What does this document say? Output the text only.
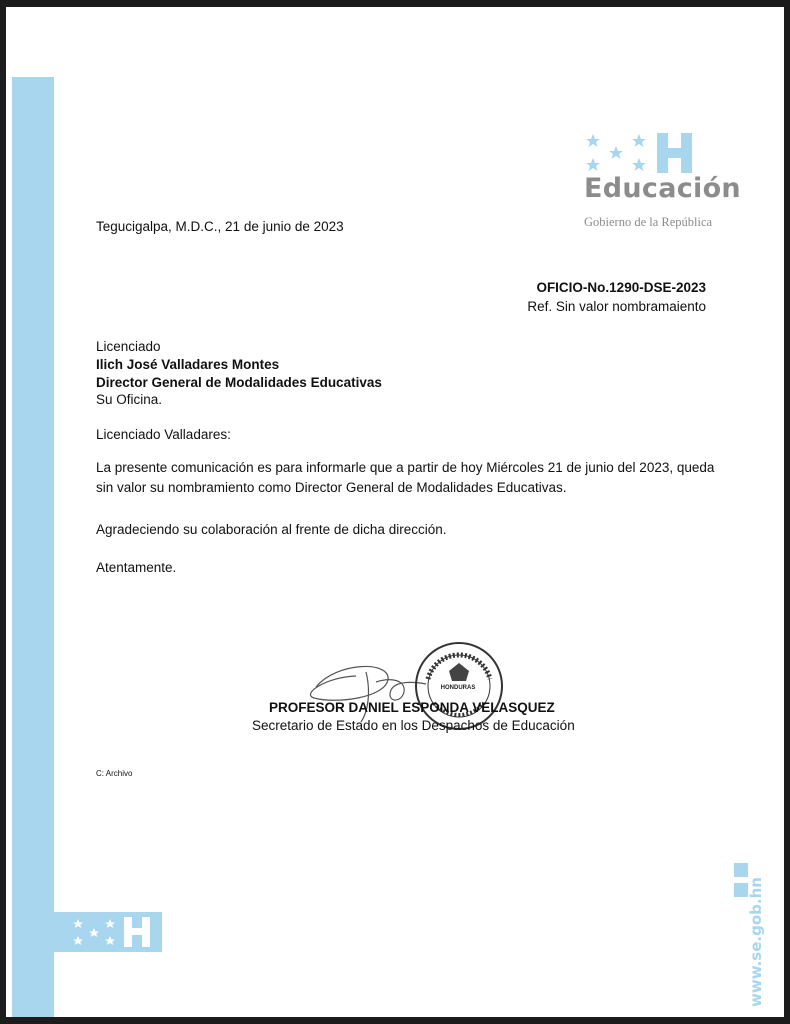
Educación
Gobierno de la República
Tegucigalpa, M.D.C., 21 de junio de 2023
OFICIO-No.1290-DSE-2023
Ref. Sin valor nombramaiento
Licenciado
Ilich José Valladares Montes
Director General de Modalidades Educativas
Su Oficina.
Licenciado Valladares:
La presente comunicación es para informarle que a partir de hoy Miércoles 21 de junio del 2023, queda sin valor su nombramiento como Director General de Modalidades Educativas.
Agradeciendo su colaboración al frente de dicha dirección.
Atentamente.
HONDURAS
PROFESOR DANIEL ESPONDA VELASQUEZ
Secretario de Estado en los Despachos de Educación
C: Archivo
www.se.gob.hn
